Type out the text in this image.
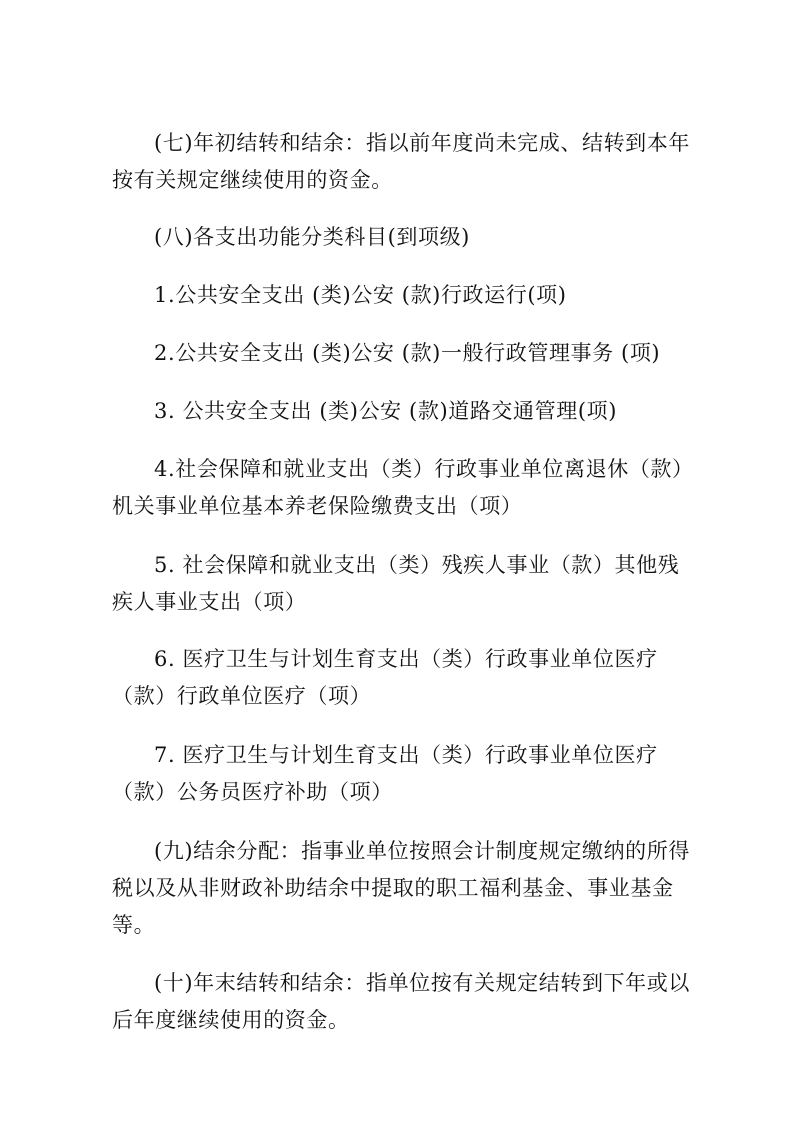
(七)年初结转和结余：指以前年度尚未完成、结转到本年按有关规定继续使用的资金。

(八)各支出功能分类科目(到项级)

1.公共安全支出 (类)公安 (款)行政运行(项)

2.公共安全支出 (类)公安 (款)一般行政管理事务 (项)

3. 公共安全支出 (类)公安 (款)道路交通管理(项)

4.社会保障和就业支出（类）行政事业单位离退休（款）机关事业单位基本养老保险缴费支出（项）

5. 社会保障和就业支出（类）残疾人事业（款）其他残疾人事业支出（项）

6. 医疗卫生与计划生育支出（类）行政事业单位医疗（款）行政单位医疗（项）

7. 医疗卫生与计划生育支出（类）行政事业单位医疗（款）公务员医疗补助（项）

(九)结余分配：指事业单位按照会计制度规定缴纳的所得税以及从非财政补助结余中提取的职工福利基金、事业基金等。

(十)年末结转和结余：指单位按有关规定结转到下年或以后年度继续使用的资金。
